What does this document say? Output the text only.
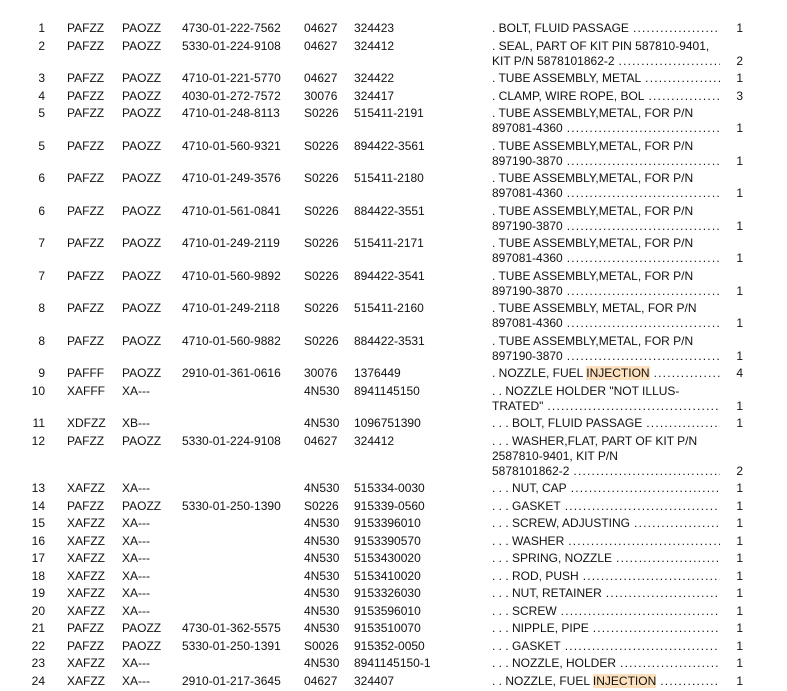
1 PAFZZ PAOZZ 4730-01-222-7562 04627 324423	. BOLT, FLUID PASSAGE .....	1
2 PAFZZ PAOZZ 5330-01-224-9108 04627 324412	. SEAL, PART OF KIT PIN 587810-9401,
KIT P/N 5878101862-2 .....	2
3 PAFZZ PAOZZ 4710-01-221-5770 04627 324422	. TUBE ASSEMBLY, METAL .....	1
4 PAFZZ PAOZZ 4030-01-272-7572 30076 324417	. CLAMP, WIRE ROPE, BOL .....	3
5 PAFZZ PAOZZ 4710-01-248-8113 S0226 515411-2191	. TUBE ASSEMBLY,METAL, FOR P/N
897081-4360 .....	1
5 PAFZZ PAOZZ 4710-01-560-9321 S0226 894422-3561	. TUBE ASSEMBLY,METAL, FOR P/N
897190-3870 .....	1
6 PAFZZ PAOZZ 4710-01-249-3576 S0226 515411-2180	. TUBE ASSEMBLY,METAL, FOR P/N
897081-4360 .....	1
6 PAFZZ PAOZZ 4710-01-561-0841 S0226 884422-3551	. TUBE ASSEMBLY,METAL, FOR P/N
897190-3870 .....	1
7 PAFZZ PAOZZ 4710-01-249-2119 S0226 515411-2171	. TUBE ASSEMBLY,METAL, FOR P/N
897081-4360 .....	1
7 PAFZZ PAOZZ 4710-01-560-9892 S0226 894422-3541	. TUBE ASSEMBLY,METAL, FOR P/N
897190-3870 .....	1
8 PAFZZ PAOZZ 4710-01-249-2118 S0226 515411-2160	. TUBE ASSEMBLY, METAL, FOR P/N
897081-4360 .....	1
8 PAFZZ PAOZZ 4710-01-560-9882 S0226 884422-3531	. TUBE ASSEMBLY,METAL, FOR P/N
897190-3870 .....	1
9 PAFFF PAOZZ 2910-01-361-0616 30076 1376449	. NOZZLE, FUEL INJECTION .....	4
10 XAFFF XA---	4N530 8941145150	. . NOZZLE HOLDER "NOT ILLUS-
TRATED" .....	1
11 XDFZZ XB---	4N530 1096751390	. . . BOLT, FLUID PASSAGE .....	1
12 PAFZZ PAOZZ 5330-01-224-9108 04627 324412	. . . WASHER,FLAT, PART OF KIT P/N
2587810-9401, KIT P/N
5878101862-2 .....	2
13 XAFZZ XA---	4N530 515334-0030	. . . NUT, CAP .....	1
14 PAFZZ PAOZZ 5330-01-250-1390 S0226 915339-0560	. . . GASKET .....	1
15 XAFZZ XA---	4N530 9153396010	. . . SCREW, ADJUSTING .....	1
16 XAFZZ XA---	4N530 9153390570	. . . WASHER .....	1
17 XAFZZ XA---	4N530 5153430020	. . . SPRING, NOZZLE .....	1
18 XAFZZ XA---	4N530 5153410020	. . . ROD, PUSH .....	1
19 XAFZZ XA---	4N530 9153326030	. . . NUT, RETAINER .....	1
20 XAFZZ XA---	4N530 9153596010	. . . SCREW .....	1
21 PAFZZ PAOZZ 4730-01-362-5575 4N530 9153510070	. . . NIPPLE, PIPE .....	1
22 PAFZZ PAOZZ 5330-01-250-1391 S0026 915352-0050	. . . GASKET .....	1
23 XAFZZ XA---	4N530 8941145150-1	. . . NOZZLE, HOLDER .....	1
24 XAFZZ XA---	2910-01-217-3645 04627 324407	. . NOZZLE, FUEL INJECTION .....	1
